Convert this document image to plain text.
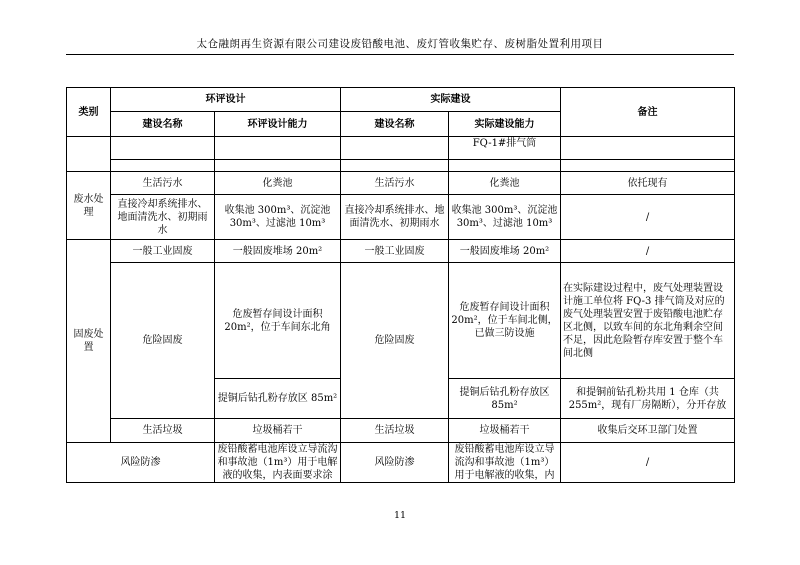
太仓融朗再生资源有限公司建设废铅酸电池、废灯管收集贮存、废树脂处置利用项目
类别	环评设计		实际建设		备注
	建设名称	环评设计能力	建设名称	实际建设能力	
				FQ-1#排气筒	

废水处理	生活污水	化粪池	生活污水	化粪池	依托现有
	直接冷却系统排水、地面清洗水、初期雨水	收集池 300m³、沉淀池 30m³、过滤池 10m³	直接冷却系统排水、地面清洗水、初期雨水	收集池 300m³、沉淀池 30m³、过滤池 10m³	/
固废处置	一般工业固废	一般固废堆场 20m²	一般工业固废	一般固废堆场 20m²	/
	危险固废	危废暂存间设计面积 20m²，位于车间东北角	危险固废	危废暂存间设计面积 20m²，位于车间北侧，已做三防设施	在实际建设过程中，废气处理装置设计施工单位将 FQ-3 排气筒及对应的废气处理装置安置于废铅酸电池贮存区北侧，以致车间的东北角剩余空间不足，因此危险暂存库安置于整个车间北侧
		提铜后钻孔粉存放区 85m²		提铜后钻孔粉存放区 85m²	和提铜前钻孔粉共用 1 仓库（共 255m²，现有厂房隔断），分开存放
	生活垃圾	垃圾桶若干	生活垃圾	垃圾桶若干	收集后交环卫部门处置
风险防渗		废铅酸蓄电池库设立导流沟和事故池（1m³）用于电解液的收集，内表面要求涂	风险防渗	废铅酸蓄电池库设立导流沟和事故池（1m³）用于电解液的收集，内	/
11
